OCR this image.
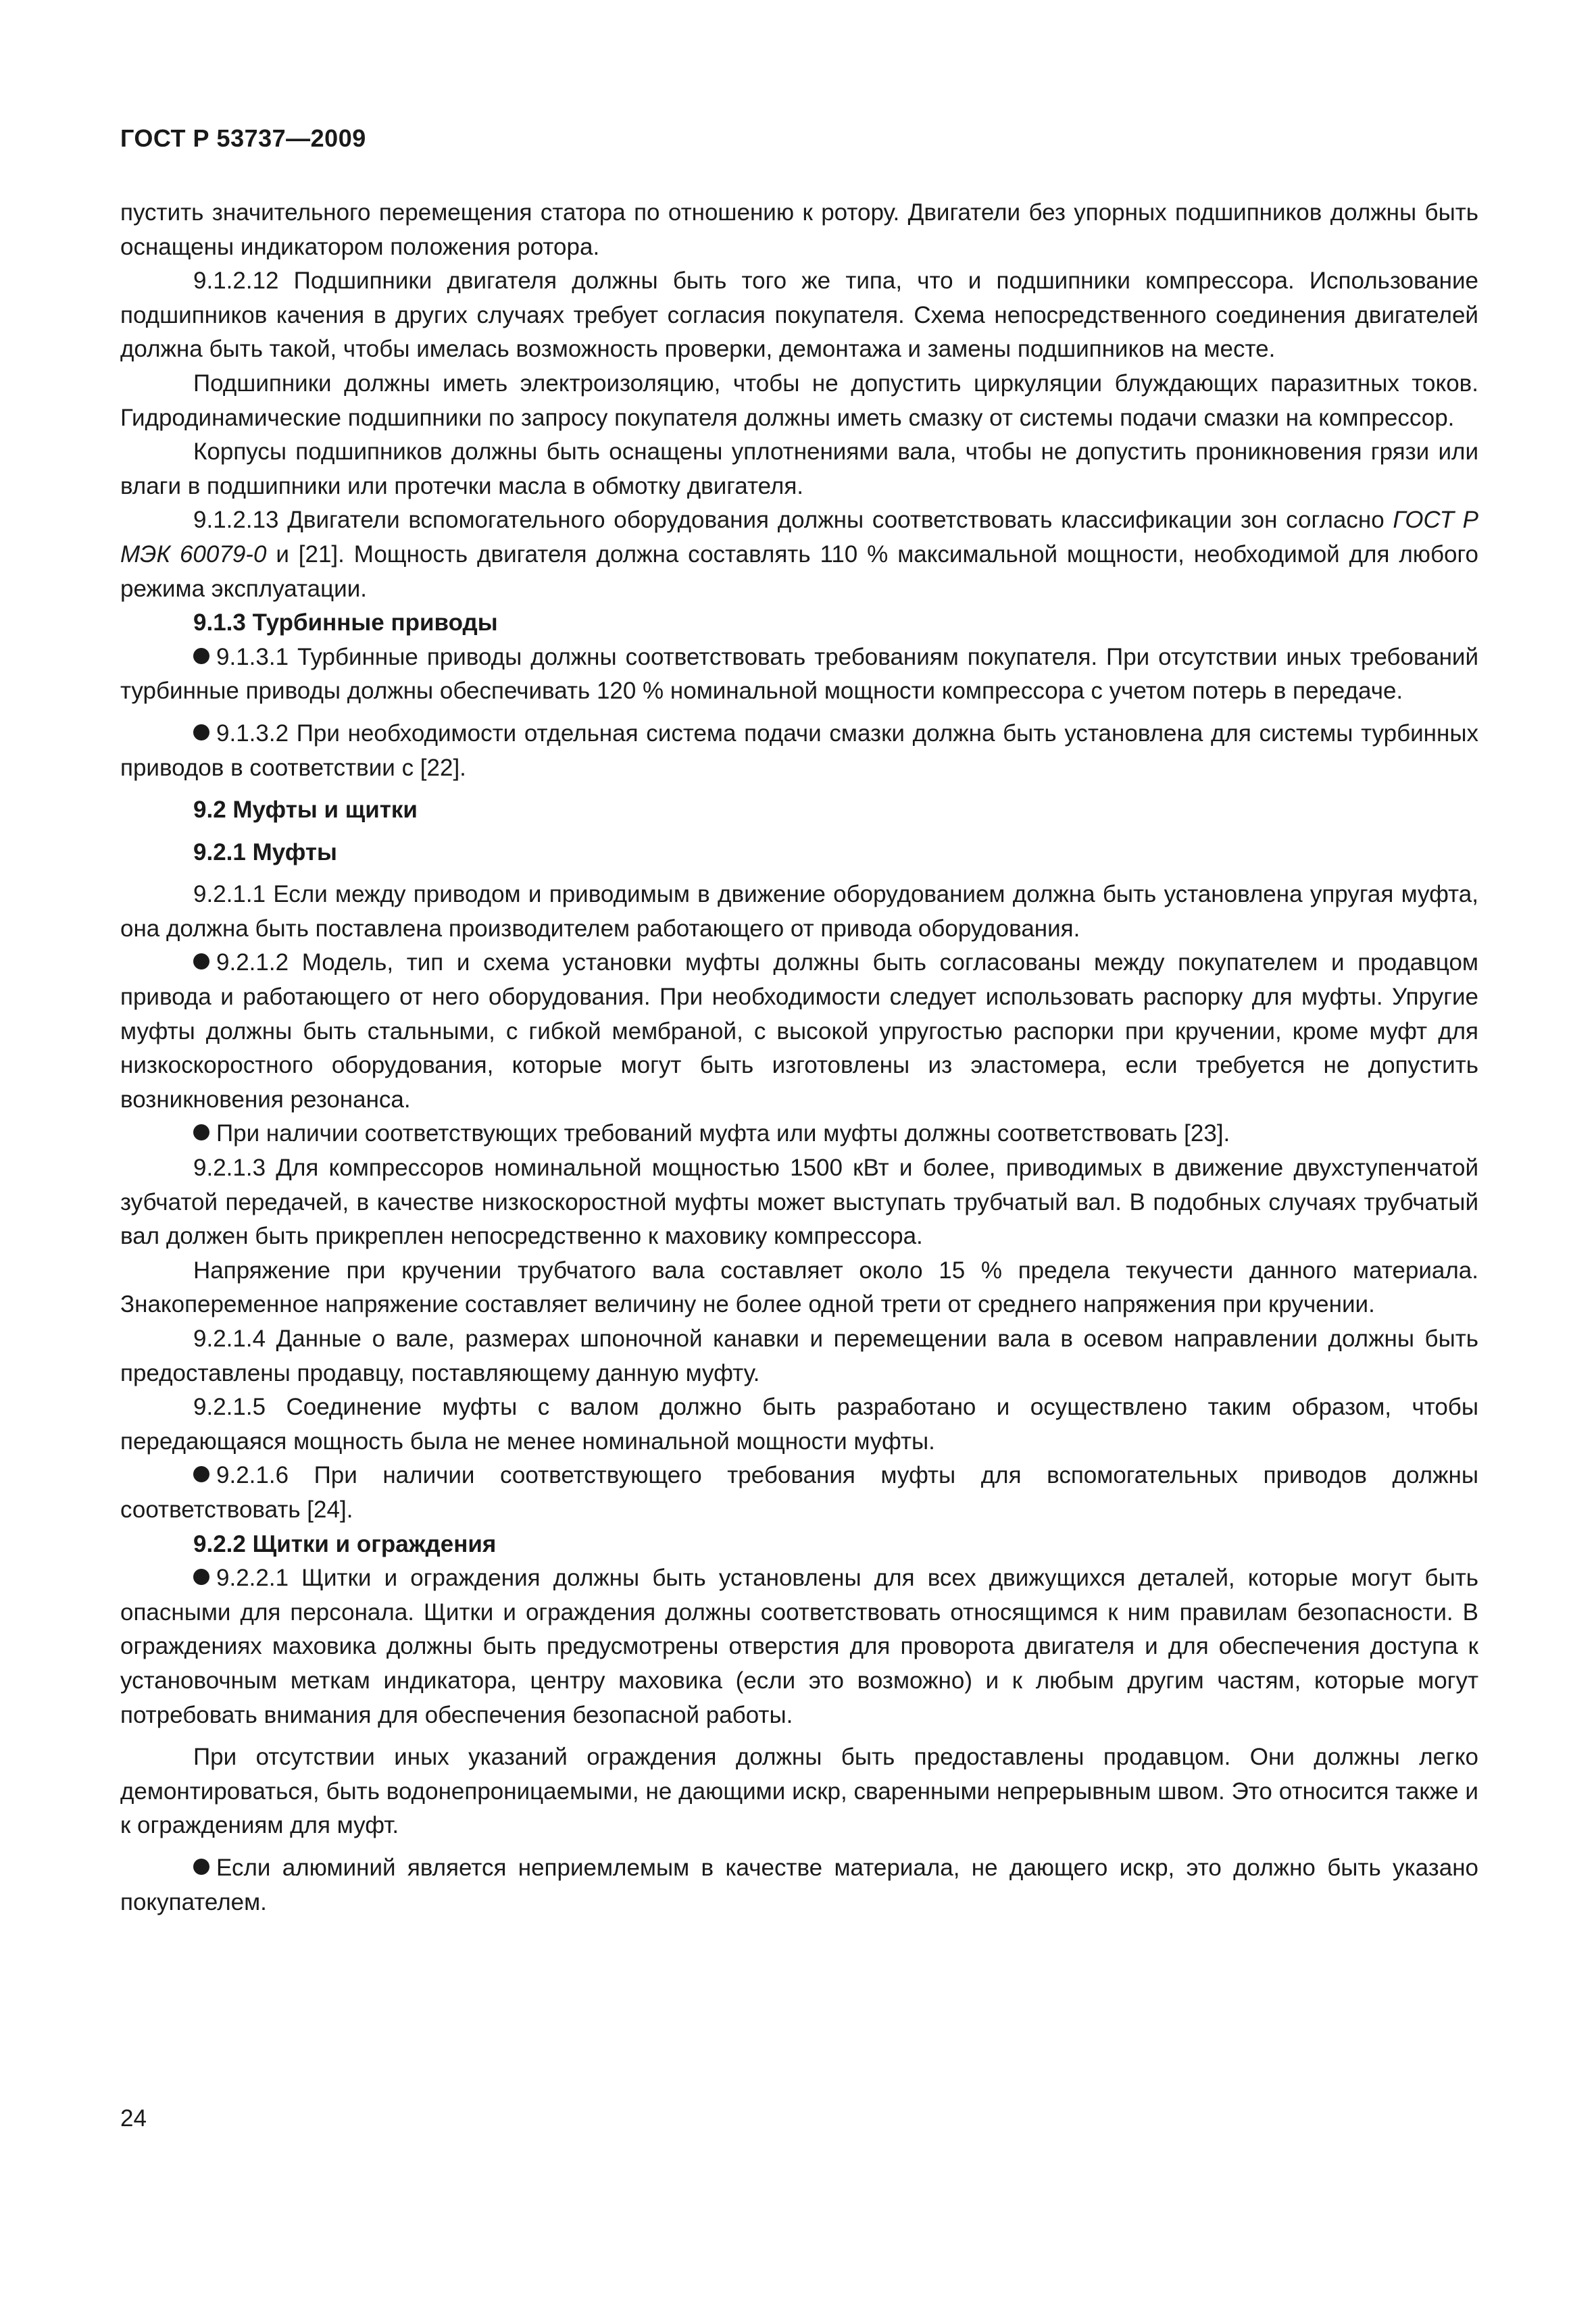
ГОСТ Р 53737—2009

пустить значительного перемещения статора по отношению к ротору. Двигатели без упорных подшипников должны быть оснащены индикатором положения ротора.

9.1.2.12 Подшипники двигателя должны быть того же типа, что и подшипники компрессора. Использование подшипников качения в других случаях требует согласия покупателя. Схема непосредственного соединения двигателей должна быть такой, чтобы имелась возможность проверки, демонтажа и замены подшипников на месте.

Подшипники должны иметь электроизоляцию, чтобы не допустить циркуляции блуждающих паразитных токов. Гидродинамические подшипники по запросу покупателя должны иметь смазку от системы подачи смазки на компрессор.

Корпусы подшипников должны быть оснащены уплотнениями вала, чтобы не допустить проникновения грязи или влаги в подшипники или протечки масла в обмотку двигателя.

9.1.2.13 Двигатели вспомогательного оборудования должны соответствовать классификации зон согласно ГОСТ Р МЭК 60079-0 и [21]. Мощность двигателя должна составлять 110 % максимальной мощности, необходимой для любого режима эксплуатации.

9.1.3 Турбинные приводы

9.1.3.1 Турбинные приводы должны соответствовать требованиям покупателя. При отсутствии иных требований турбинные приводы должны обеспечивать 120 % номинальной мощности компрессора с учетом потерь в передаче.

9.1.3.2 При необходимости отдельная система подачи смазки должна быть установлена для системы турбинных приводов в соответствии с [22].

9.2 Муфты и щитки

9.2.1 Муфты

9.2.1.1 Если между приводом и приводимым в движение оборудованием должна быть установлена упругая муфта, она должна быть поставлена производителем работающего от привода оборудования.

9.2.1.2 Модель, тип и схема установки муфты должны быть согласованы между покупателем и продавцом привода и работающего от него оборудования. При необходимости следует использовать распорку для муфты. Упругие муфты должны быть стальными, с гибкой мембраной, с высокой упругостью распорки при кручении, кроме муфт для низкоскоростного оборудования, которые могут быть изготовлены из эластомера, если требуется не допустить возникновения резонанса.

При наличии соответствующих требований муфта или муфты должны соответствовать [23].

9.2.1.3 Для компрессоров номинальной мощностью 1500 кВт и более, приводимых в движение двухступенчатой зубчатой передачей, в качестве низкоскоростной муфты может выступать трубчатый вал. В подобных случаях трубчатый вал должен быть прикреплен непосредственно к маховику компрессора.

Напряжение при кручении трубчатого вала составляет около 15 % предела текучести данного материала. Знакопеременное напряжение составляет величину не более одной трети от среднего напряжения при кручении.

9.2.1.4 Данные о вале, размерах шпоночной канавки и перемещении вала в осевом направлении должны быть предоставлены продавцу, поставляющему данную муфту.

9.2.1.5 Соединение муфты с валом должно быть разработано и осуществлено таким образом, чтобы передающаяся мощность была не менее номинальной мощности муфты.

9.2.1.6 При наличии соответствующего требования муфты для вспомогательных приводов должны соответствовать [24].

9.2.2 Щитки и ограждения

9.2.2.1 Щитки и ограждения должны быть установлены для всех движущихся деталей, которые могут быть опасными для персонала. Щитки и ограждения должны соответствовать относящимся к ним правилам безопасности. В ограждениях маховика должны быть предусмотрены отверстия для проворота двигателя и для обеспечения доступа к установочным меткам индикатора, центру маховика (если это возможно) и к любым другим частям, которые могут потребовать внимания для обеспечения безопасной работы.

При отсутствии иных указаний ограждения должны быть предоставлены продавцом. Они должны легко демонтироваться, быть водонепроницаемыми, не дающими искр, сваренными непрерывным швом. Это относится также и к ограждениям для муфт.

Если алюминий является неприемлемым в качестве материала, не дающего искр, это должно быть указано покупателем.

24
